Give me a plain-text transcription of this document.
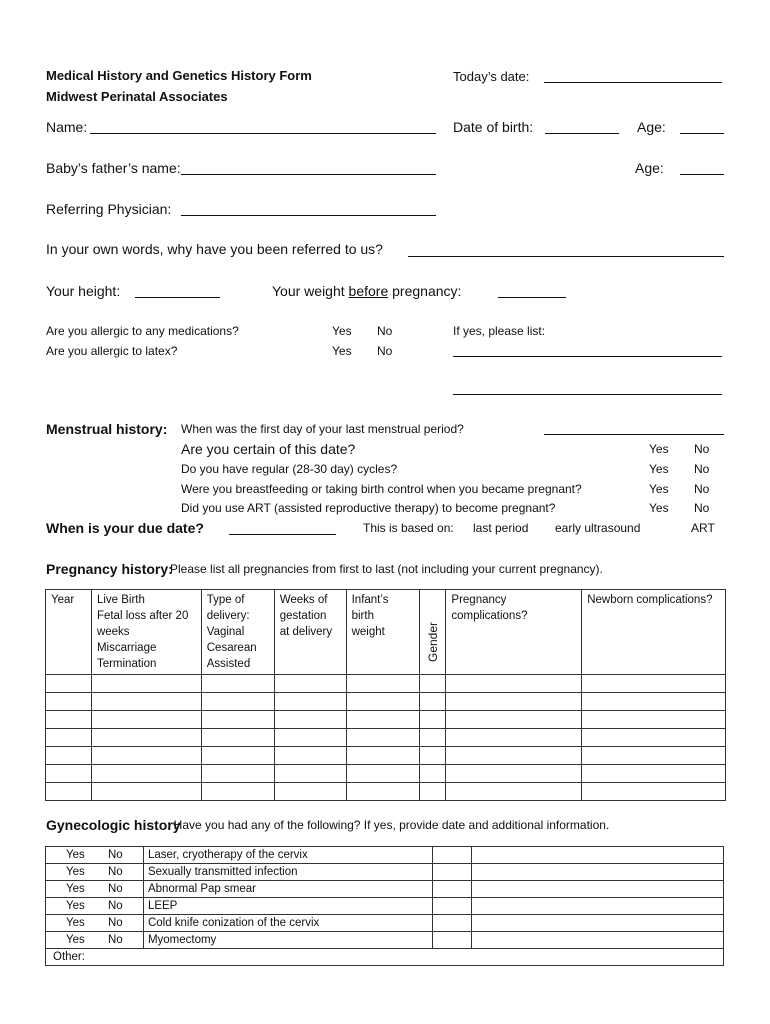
Medical History and Genetics History Form
Midwest Perinatal Associates
Today’s date:
Name:	Date of birth:	Age:
Baby’s father’s name:	Age:
Referring Physician:
In your own words, why have you been referred to us?
Your height:	Your weight before pregnancy:
Are you allergic to any medications?	Yes No	If yes, please list:
Are you allergic to latex?	Yes No
Menstrual history: When was the first day of your last menstrual period?
Are you certain of this date?	Yes No
Do you have regular (28-30 day) cycles?	Yes No
Were you breastfeeding or taking birth control when you became pregnant?	Yes No
Did you use ART (assisted reproductive therapy) to become pregnant?	Yes No
When is your due date?	This is based on: last period early ultrasound	ART
Pregnancy history:
Please list all pregnancies from first to last (not including your current pregnancy).
Year	Live Birth
Fetal loss after 20
weeks
Miscarriage
Termination	Type of
delivery:
Vaginal
Cesarean
Assisted	Weeks of
gestation
at delivery	Infant’s
birth
weight	Gender	Pregnancy
complications?	Newborn complications?

Gynecologic history
: Have you had any of the following? If yes, provide date and additional information.
Yes No	Laser, cryotherapy of the cervix		
Yes No	Sexually transmitted infection		
Yes No	Abnormal Pap smear		
Yes No	LEEP		
Yes No	Cold knife conization of the cervix		
Yes No	Myomectomy		
Other:			
